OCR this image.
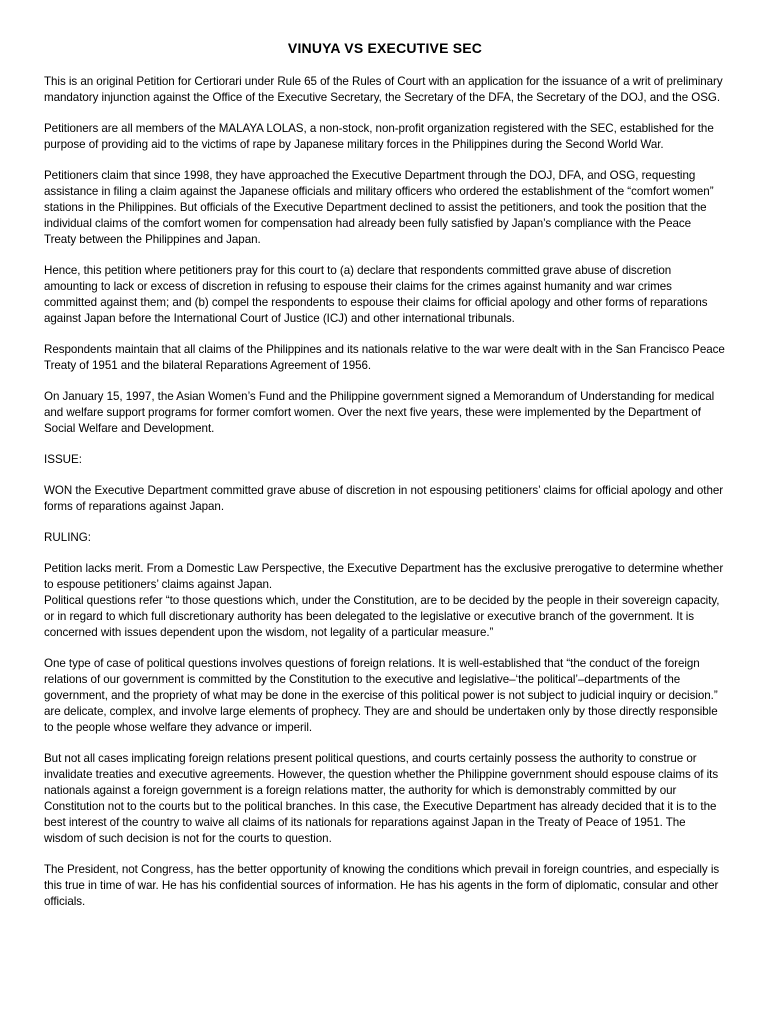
VINUYA VS EXECUTIVE SEC

This is an original Petition for Certiorari under Rule 65 of the Rules of Court with an application for the issuance of a writ of preliminary mandatory injunction against the Office of the Executive Secretary, the Secretary of the DFA, the Secretary of the DOJ, and the OSG.

Petitioners are all members of the MALAYA LOLAS, a non-stock, non-profit organization registered with the SEC, established for the purpose of providing aid to the victims of rape by Japanese military forces in the Philippines during the Second World War.

Petitioners claim that since 1998, they have approached the Executive Department through the DOJ, DFA, and OSG, requesting assistance in filing a claim against the Japanese officials and military officers who ordered the establishment of the “comfort women” stations in the Philippines. But officials of the Executive Department declined to assist the petitioners, and took the position that the individual claims of the comfort women for compensation had already been fully satisfied by Japan’s compliance with the Peace Treaty between the Philippines and Japan.

Hence, this petition where petitioners pray for this court to (a) declare that respondents committed grave abuse of discretion amounting to lack or excess of discretion in refusing to espouse their claims for the crimes against humanity and war crimes committed against them; and (b) compel the respondents to espouse their claims for official apology and other forms of reparations against Japan before the International Court of Justice (ICJ) and other international tribunals.

Respondents maintain that all claims of the Philippines and its nationals relative to the war were dealt with in the San Francisco Peace Treaty of 1951 and the bilateral Reparations Agreement of 1956.

On January 15, 1997, the Asian Women’s Fund and the Philippine government signed a Memorandum of Understanding for medical and welfare support programs for former comfort women. Over the next five years, these were implemented by the Department of Social Welfare and Development.

ISSUE:

WON the Executive Department committed grave abuse of discretion in not espousing petitioners’ claims for official apology and other forms of reparations against Japan.

RULING:

Petition lacks merit. From a Domestic Law Perspective, the Executive Department has the exclusive prerogative to determine whether to espouse petitioners’ claims against Japan.

Political questions refer “to those questions which, under the Constitution, are to be decided by the people in their sovereign capacity, or in regard to which full discretionary authority has been delegated to the legislative or executive branch of the government. It is concerned with issues dependent upon the wisdom, not legality of a particular measure.”

One type of case of political questions involves questions of foreign relations. It is well-established that “the conduct of the foreign relations of our government is committed by the Constitution to the executive and legislative–‘the political’–departments of the government, and the propriety of what may be done in the exercise of this political power is not subject to judicial inquiry or decision.” are delicate, complex, and involve large elements of prophecy. They are and should be undertaken only by those directly responsible to the people whose welfare they advance or imperil.

But not all cases implicating foreign relations present political questions, and courts certainly possess the authority to construe or invalidate treaties and executive agreements. However, the question whether the Philippine government should espouse claims of its nationals against a foreign government is a foreign relations matter, the authority for which is demonstrably committed by our Constitution not to the courts but to the political branches. In this case, the Executive Department has already decided that it is to the best interest of the country to waive all claims of its nationals for reparations against Japan in the Treaty of Peace of 1951. The wisdom of such decision is not for the courts to question.

The President, not Congress, has the better opportunity of knowing the conditions which prevail in foreign countries, and especially is this true in time of war. He has his confidential sources of information. He has his agents in the form of diplomatic, consular and other officials.
